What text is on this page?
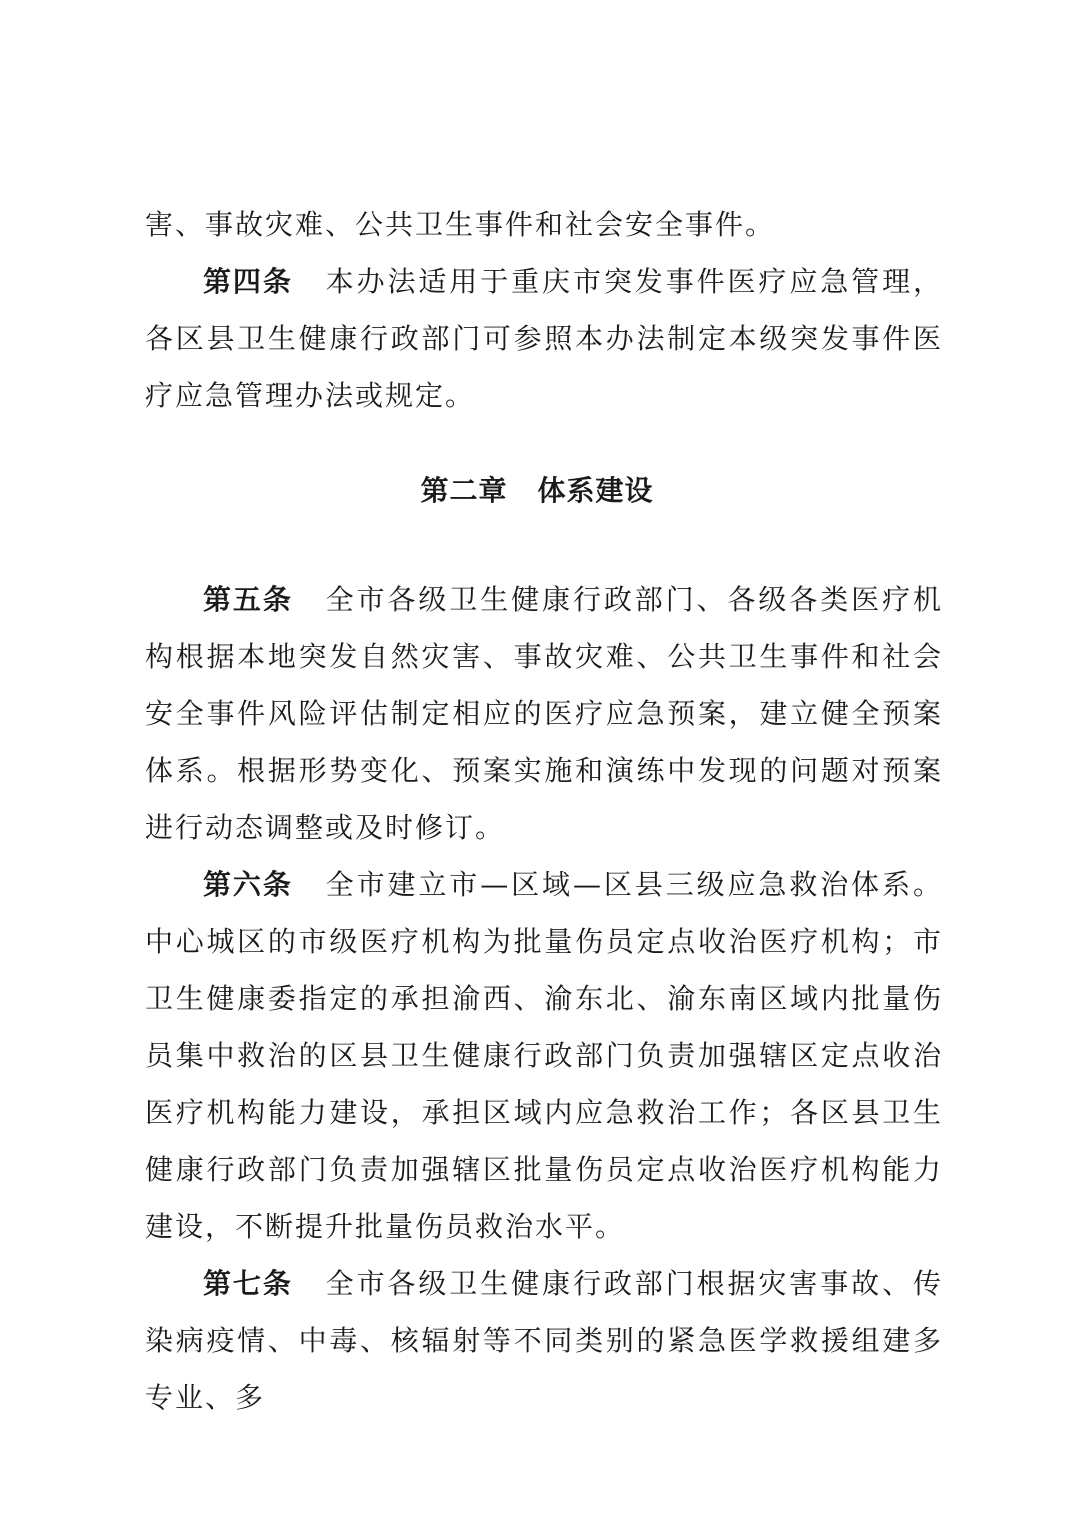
害、事故灾难、公共卫生事件和社会安全事件。

第四条 本办法适用于重庆市突发事件医疗应急管理，各区县卫生健康行政部门可参照本办法制定本级突发事件医疗应急管理办法或规定。

第二章 体系建设

第五条 全市各级卫生健康行政部门、各级各类医疗机构根据本地突发自然灾害、事故灾难、公共卫生事件和社会安全事件风险评估制定相应的医疗应急预案，建立健全预案体系。根据形势变化、预案实施和演练中发现的问题对预案进行动态调整或及时修订。

第六条 全市建立市—区域—区县三级应急救治体系。中心城区的市级医疗机构为批量伤员定点收治医疗机构；市卫生健康委指定的承担渝西、渝东北、渝东南区域内批量伤员集中救治的区县卫生健康行政部门负责加强辖区定点收治医疗机构能力建设，承担区域内应急救治工作；各区县卫生健康行政部门负责加强辖区批量伤员定点收治医疗机构能力建设，不断提升批量伤员救治水平。

第七条 全市各级卫生健康行政部门根据灾害事故、传染病疫情、中毒、核辐射等不同类别的紧急医学救援组建多专业、多
